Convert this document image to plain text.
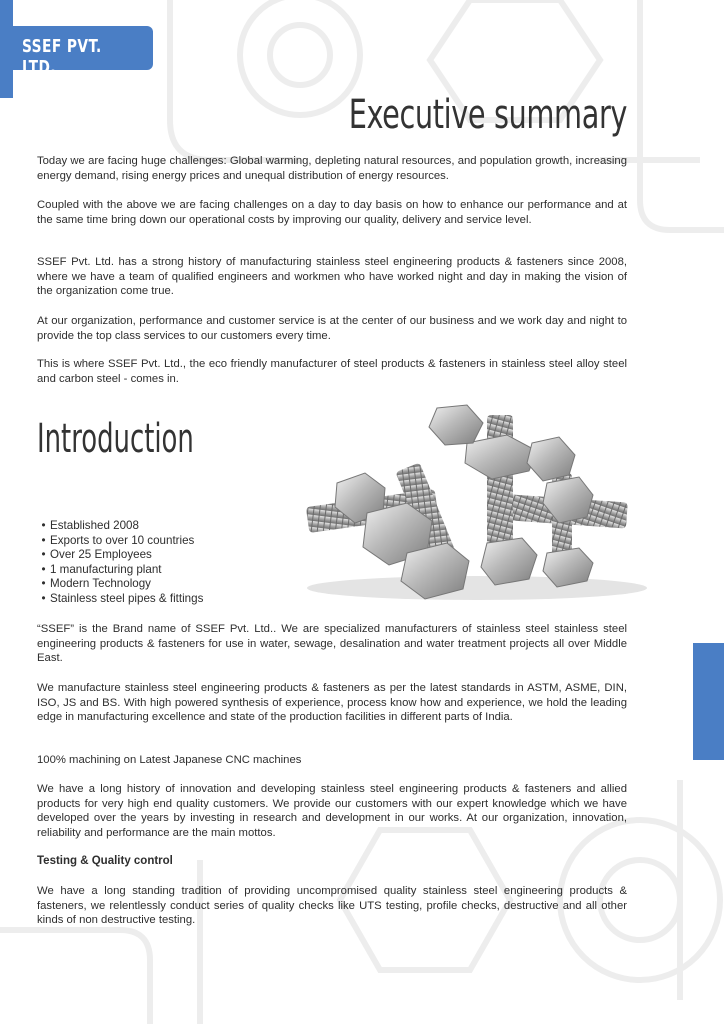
SSEF PVT. LTD.
Executive summary

Today we are facing huge challenges: Global warming, depleting natural resources, and population growth, increasing energy demand, rising energy prices and unequal distribution of energy resources.

Coupled with the above we are facing challenges on a day to day basis on how to enhance our performance and at the same time bring down our operational costs by improving our quality, delivery and service level.

SSEF Pvt. Ltd. has a strong history of manufacturing stainless steel engineering products & fasteners since 2008, where we have a team of qualified engineers and workmen who have worked night and day in making the vision of the organization come true.

At our organization, performance and customer service is at the center of our business and we work day and night to provide the top class services to our customers every time.

This is where SSEF Pvt. Ltd., the eco friendly manufacturer of steel products & fasteners in stainless steel alloy steel and carbon steel - comes in.

Introduction
• Established 2008
• Exports to over 10 countries
• Over 25 Employees
• 1 manufacturing plant
• Modern Technology
• Stainless steel pipes & fittings

“SSEF” is the Brand name of SSEF Pvt. Ltd.. We are specialized manufacturers of stainless steel stainless steel engineering products & fasteners for use in water, sewage, desalination and water treatment projects all over Middle East.

We manufacture stainless steel engineering products & fasteners as per the latest standards in ASTM, ASME, DIN, ISO, JS and BS. With high powered synthesis of experience, process know how and experience, we hold the leading edge in manufacturing excellence and state of the production facilities in different parts of India.

100% machining on Latest Japanese CNC machines

We have a long history of innovation and developing stainless steel engineering products & fasteners and allied products for very high end quality customers. We provide our customers with our expert knowledge which we have developed over the years by investing in research and development in our works. At our organization, innovation, reliability and performance are the main mottos.

Testing & Quality control

We have a long standing tradition of providing uncompromised quality stainless steel engineering products & fasteners, we relentlessly conduct series of quality checks like UTS testing, profile checks, destructive and all other kinds of non destructive testing.
